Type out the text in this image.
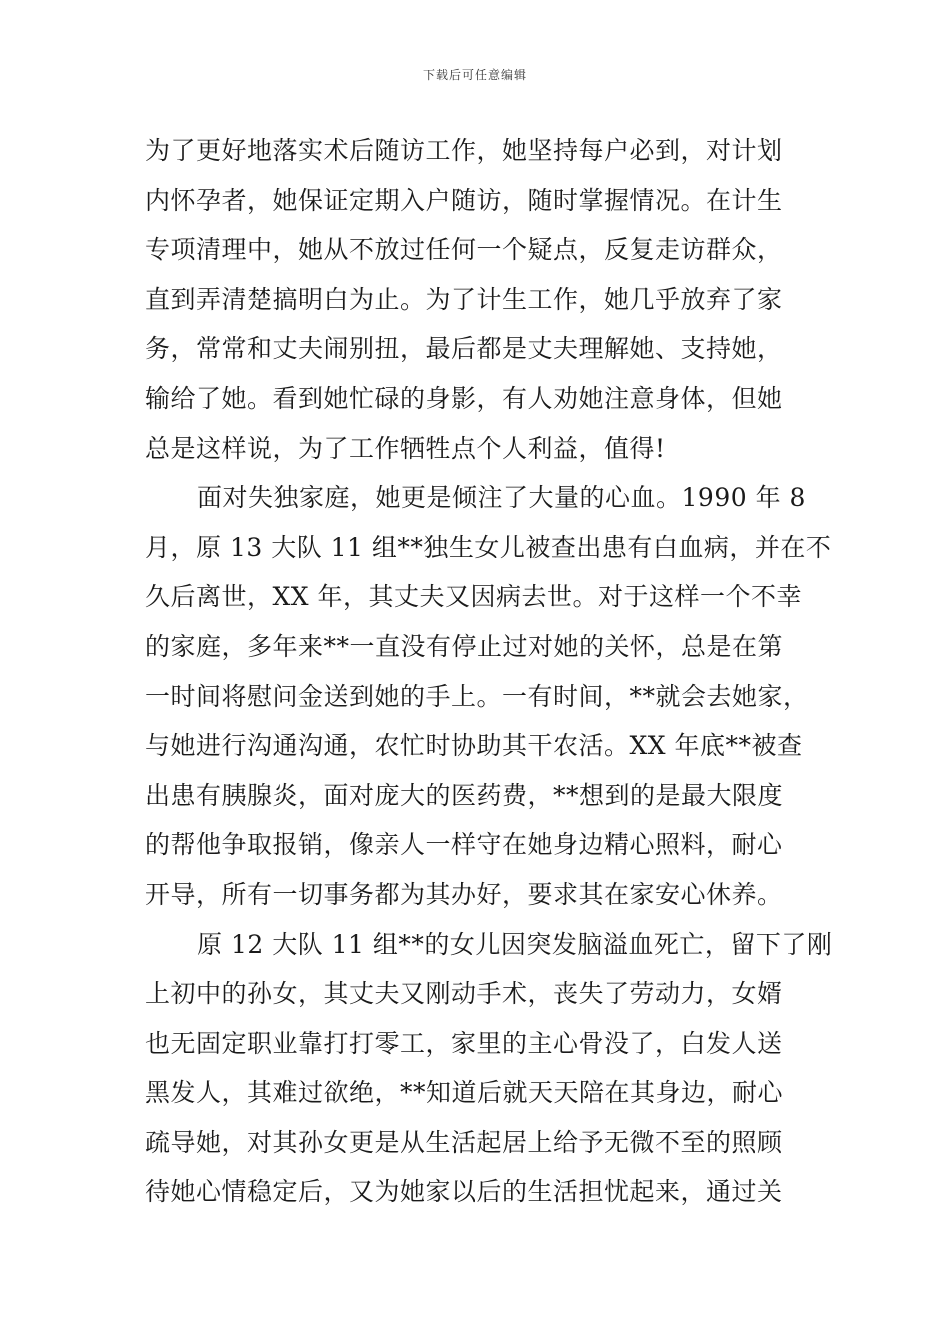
下载后可任意编辑
为了更好地落实术后随访工作，她坚持每户必到，对计划
内怀孕者，她保证定期入户随访，随时掌握情况。在计生
专项清理中，她从不放过任何一个疑点，反复走访群众，
直到弄清楚搞明白为止。为了计生工作，她几乎放弃了家
务，常常和丈夫闹别扭，最后都是丈夫理解她、支持她，
输给了她。看到她忙碌的身影，有人劝她注意身体，但她
总是这样说，为了工作牺牲点个人利益，值得!
面对失独家庭，她更是倾注了大量的心血。1990 年 8
月，原 13 大队 11 组**独生女儿被查出患有白血病，并在不
久后离世，XX 年，其丈夫又因病去世。对于这样一个不幸
的家庭，多年来**一直没有停止过对她的关怀，总是在第
一时间将慰问金送到她的手上。一有时间，**就会去她家，
与她进行沟通沟通，农忙时协助其干农活。XX 年底**被查
出患有胰腺炎，面对庞大的医药费，**想到的是最大限度
的帮他争取报销，像亲人一样守在她身边精心照料，耐心
开导，所有一切事务都为其办好，要求其在家安心休养。
原 12 大队 11 组**的女儿因突发脑溢血死亡，留下了刚
上初中的孙女，其丈夫又刚动手术，丧失了劳动力，女婿
也无固定职业靠打打零工，家里的主心骨没了，白发人送
黑发人，其难过欲绝，**知道后就天天陪在其身边，耐心
疏导她，对其孙女更是从生活起居上给予无微不至的照顾
待她心情稳定后，又为她家以后的生活担忧起来，通过关
